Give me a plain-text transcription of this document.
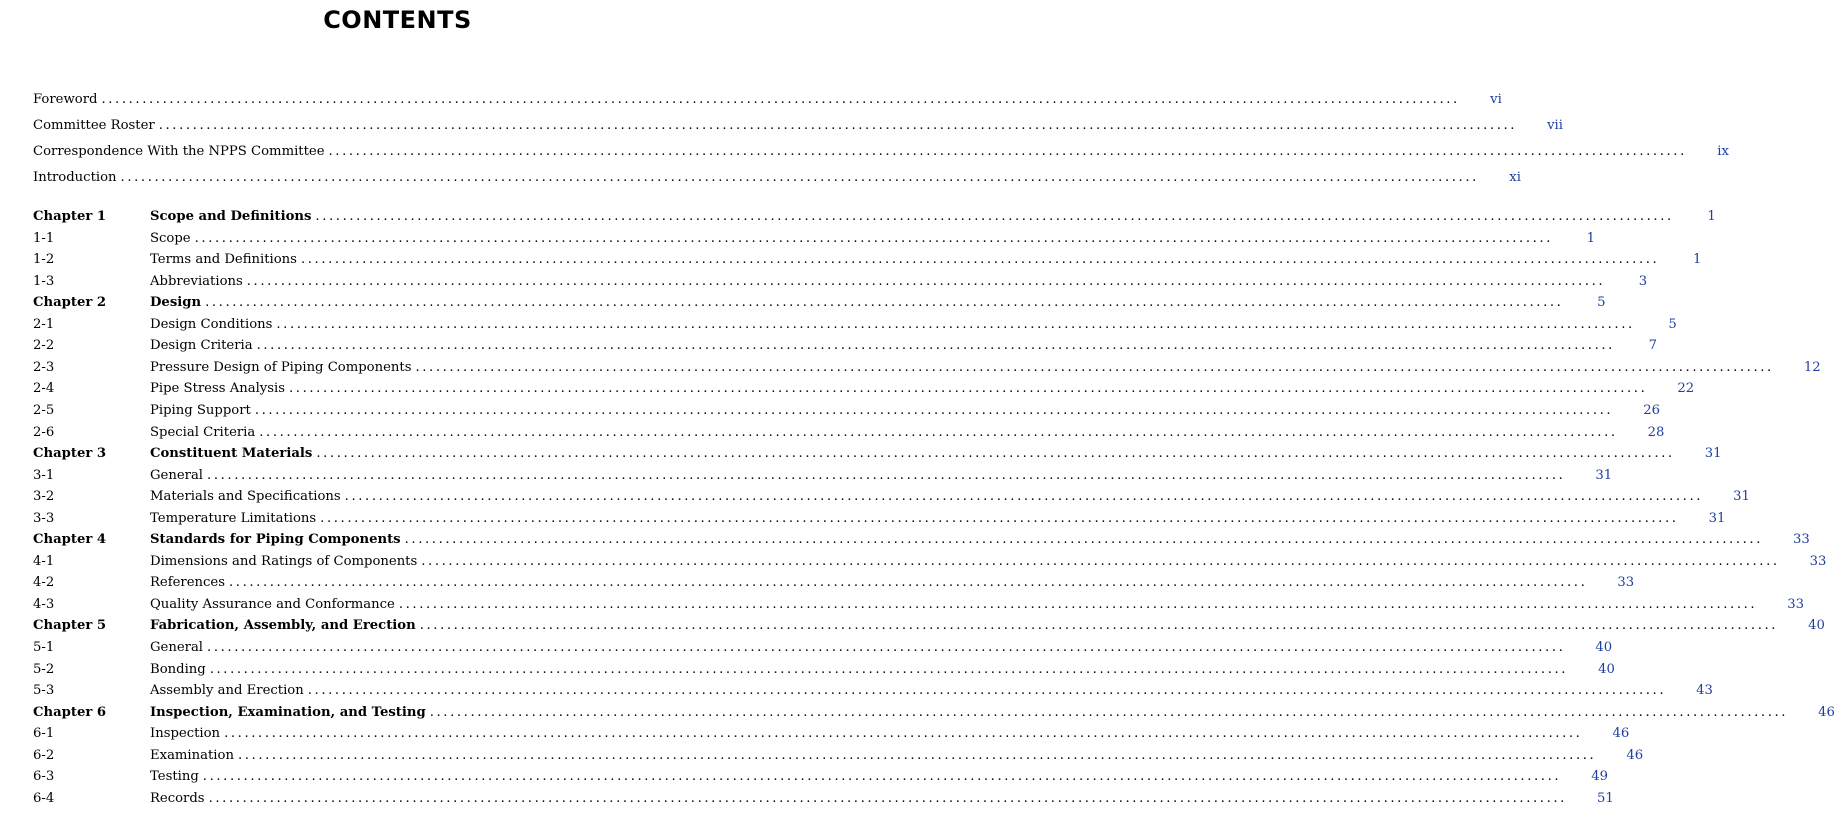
CONTENTS
Foreword ........................................................................................................................................................................................................ vi
Committee Roster ........................................................................................................................................................................................................ vii
Correspondence With the NPPS Committee ........................................................................................................................................................................................................ ix
Introduction ........................................................................................................................................................................................................ xi
Chapter 1	Scope and Definitions ........................................................................................................................................................................................................	1
1-1	Scope ........................................................................................................................................................................................................	1
1-2	Terms and Definitions ........................................................................................................................................................................................................	1
1-3	Abbreviations ........................................................................................................................................................................................................	3
Chapter 2	Design ........................................................................................................................................................................................................	5
2-1	Design Conditions ........................................................................................................................................................................................................	5
2-2	Design Criteria ........................................................................................................................................................................................................	7
2-3	Pressure Design of Piping Components ........................................................................................................................................................................................................ 12
2-4	Pipe Stress Analysis ........................................................................................................................................................................................................ 22
2-5	Piping Support ........................................................................................................................................................................................................ 26
2-6	Special Criteria ........................................................................................................................................................................................................ 28
Chapter 3	Constituent Materials ........................................................................................................................................................................................................ 31
3-1	General ........................................................................................................................................................................................................ 31
3-2	Materials and Specifications ........................................................................................................................................................................................................ 31
3-3	Temperature Limitations ........................................................................................................................................................................................................ 31
Chapter 4	Standards for Piping Components ........................................................................................................................................................................................................ 33
4-1	Dimensions and Ratings of Components ........................................................................................................................................................................................................ 33
4-2	References ........................................................................................................................................................................................................ 33
4-3	Quality Assurance and Conformance ........................................................................................................................................................................................................ 33
Chapter 5	Fabrication, Assembly, and Erection ........................................................................................................................................................................................................ 40
5-1	General ........................................................................................................................................................................................................ 40
5-2	Bonding ........................................................................................................................................................................................................ 40
5-3	Assembly and Erection ........................................................................................................................................................................................................ 43
Chapter 6	Inspection, Examination, and Testing ........................................................................................................................................................................................................ 46
6-1	Inspection ........................................................................................................................................................................................................ 46
6-2	Examination ........................................................................................................................................................................................................ 46
6-3	Testing ........................................................................................................................................................................................................ 49
6-4	Records ........................................................................................................................................................................................................ 51
